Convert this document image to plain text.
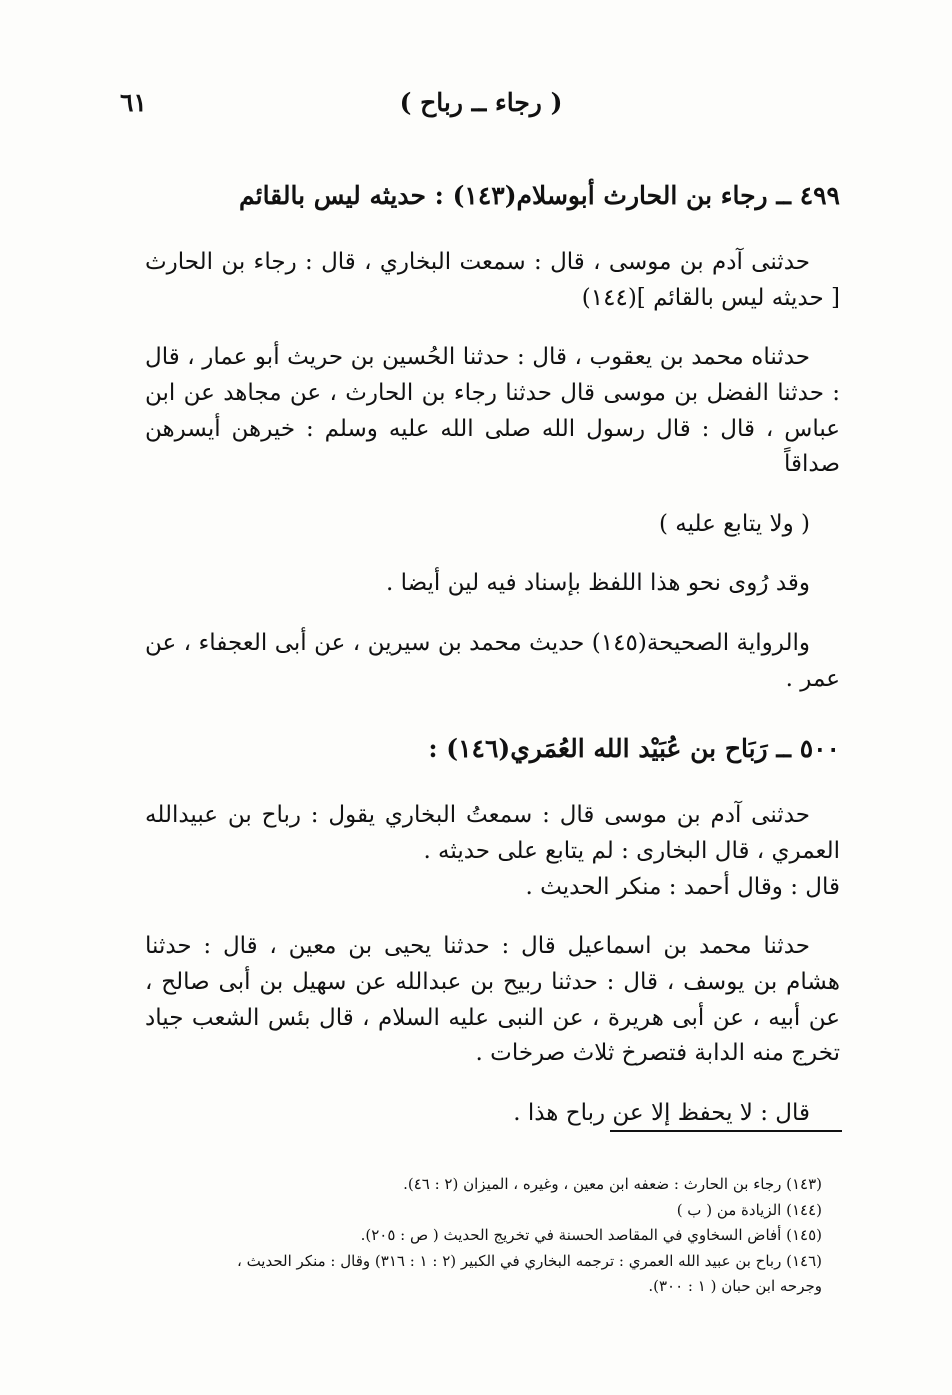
( رجاء ــ رباح )
٦١
٤٩٩ ــ رجاء بن الحارث أبوسلام(١٤٣) : حديثه ليس بالقائم

حدثنى آدم بن موسى ، قال : سمعت البخاري ، قال : رجاء بن الحارث [ حديثه ليس بالقائم ](١٤٤)

حدثناه محمد بن يعقوب ، قال : حدثنا الحُسين بن حريث أبو عمار ، قال : حدثنا الفضل بن موسى قال حدثنا رجاء بن الحارث ، عن مجاهد عن ابن عباس ، قال : قال رسول الله صلى الله عليه وسلم : خيرهن أيسرهن صداقاً

( ولا يتابع عليه )

وقد رُوى نحو هذا اللفظ بإسناد فيه لين أيضا .

والرواية الصحيحة(١٤٥) حديث محمد بن سيرين ، عن أبى العجفاء ، عن عمر .

٥٠٠ ــ رَبَاح بن عُبَيْد الله العُمَري(١٤٦) :

حدثنى آدم بن موسى قال : سمعتُ البخاري يقول : رباح بن عبيدالله العمري ، قال البخارى : لم يتابع على حديثه .

قال : وقال أحمد : منكر الحديث .

حدثنا محمد بن اسماعيل قال : حدثنا يحيى بن معين ، قال : حدثنا هشام بن يوسف ، قال : حدثنا ربيح بن عبدالله عن سهيل بن أبى صالح ، عن أبيه ، عن أبى هريرة ، عن النبى عليه السلام ، قال بئس الشعب جياد تخرج منه الدابة فتصرخ ثلاث صرخات .

قال : لا يحفظ إلا عن رباح هذا .

(١٤٣) رجاء بن الحارث : ضعفه ابن معين ، وغيره ، الميزان (٢ : ٤٦).
(١٤٤) الزيادة من ( ب )
(١٤٥) أفاض السخاوي في المقاصد الحسنة في تخريج الحديث ( ص : ٢٠٥).
(١٤٦) رباح بن عبيد الله العمري : ترجمه البخاري في الكبير (٢ : ١ : ٣١٦) وقال : منكر الحديث ،
وجرحه ابن حبان ( ١ : ٣٠٠).
